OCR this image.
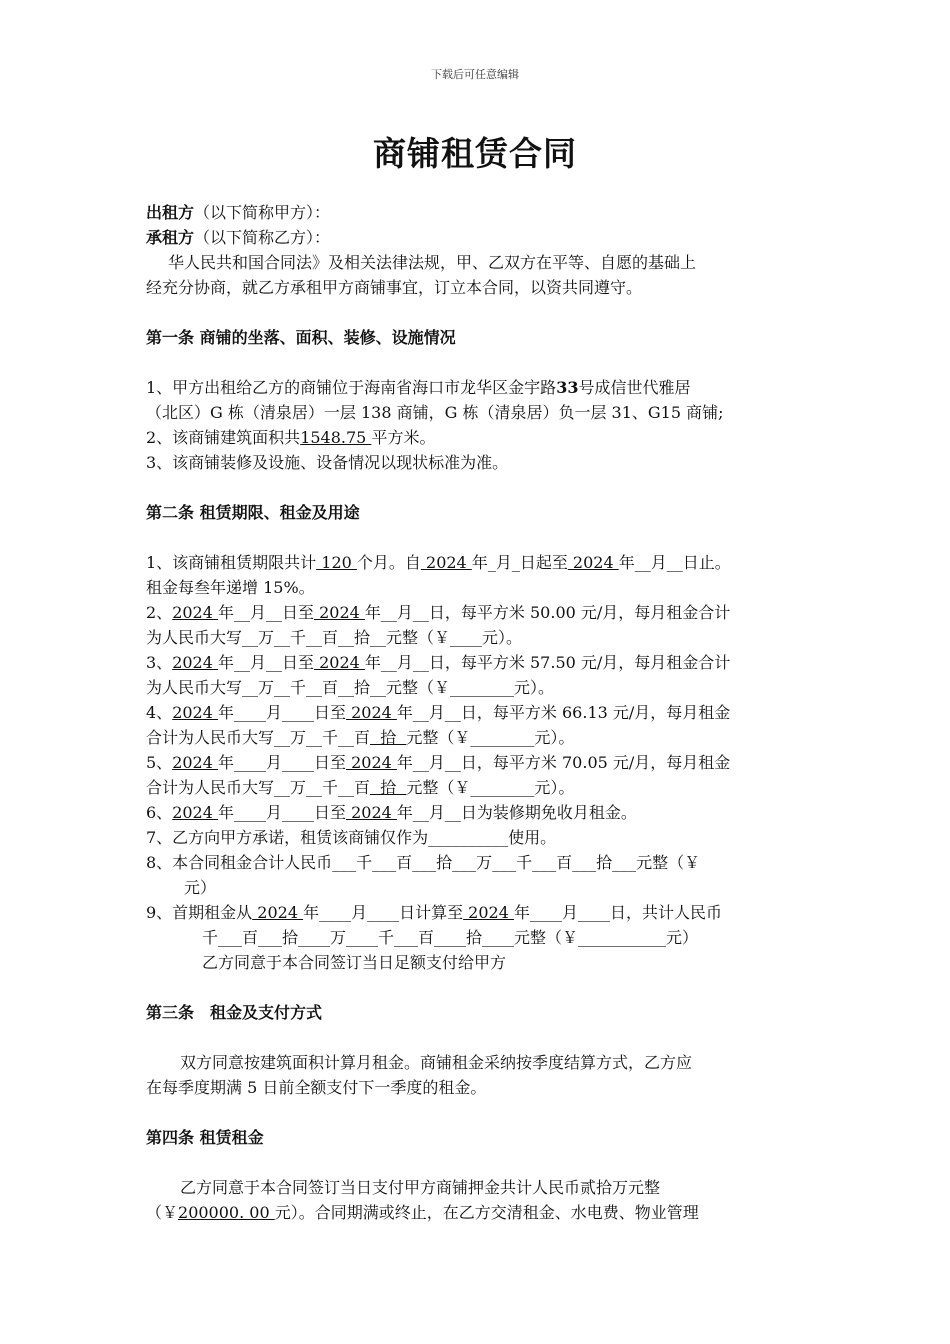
下载后可任意编辑
商铺租赁合同
出租方（以下简称甲方）：
承租方（以下简称乙方）：
华人民共和国合同法》及相关法律法规，甲、乙双方在平等、自愿的基础上
经充分协商，就乙方承租甲方商铺事宜，订立本合同，以资共同遵守。
第一条 商铺的坐落、面积、装修、设施情况
1、甲方出租给乙方的商铺位于海南省海口市龙华区金宇路33号成信世代雅居
（北区）G 栋（清泉居）一层 138 商铺，G 栋（清泉居）负一层 31、G15 商铺;
2、该商铺建筑面积共1548.75 平方米。
3、该商铺装修及设施、设备情况以现状标准为准。
第二条 租赁期限、租金及用途
1、该商铺租赁期限共计 120 个月。自 2024 年_月_日起至 2024 年__月__日止。
租金每叁年递增 15%。
2、2024 年__月__日至 2024 年__月__日，每平方米 50.00 元/月，每月租金合计
为人民币大写__万__千__百__拾__元整（￥____元）。
3、2024 年__月__日至 2024 年__月__日，每平方米 57.50 元/月，每月租金合计
为人民币大写__万__千__百__拾__元整（￥________元）。
4、2024 年____月____日至 2024 年__月__日，每平方米 66.13 元/月，每月租金
合计为人民币大写__万__千__百  拾  元整（￥________元）。
5、2024 年____月____日至 2024 年__月__日，每平方米 70.05 元/月，每月租金
合计为人民币大写__万__千__百  拾  元整（￥________元）。
6、2024 年____月____日至 2024 年__月__日为装修期免收月租金。
7、乙方向甲方承诺，租赁该商铺仅作为__________使用。
8、本合同租金合计人民币___千___百___拾___万___千___百___拾___元整（￥
元）
9、首期租金从 2024 年____月____日计算至 2024 年____月____日，共计人民币
千___百___拾____万____千___百____拾____元整（￥___________元）
乙方同意于本合同签订当日足额支付给甲方
第三条　租金及支付方式
双方同意按建筑面积计算月租金。商铺租金采纳按季度结算方式，乙方应
在每季度期满 5 日前全额支付下一季度的租金。
第四条 租赁租金
乙方同意于本合同签订当日支付甲方商铺押金共计人民币贰拾万元整
（￥200000. 00 元）。合同期满或终止，在乙方交清租金、水电费、物业管理
